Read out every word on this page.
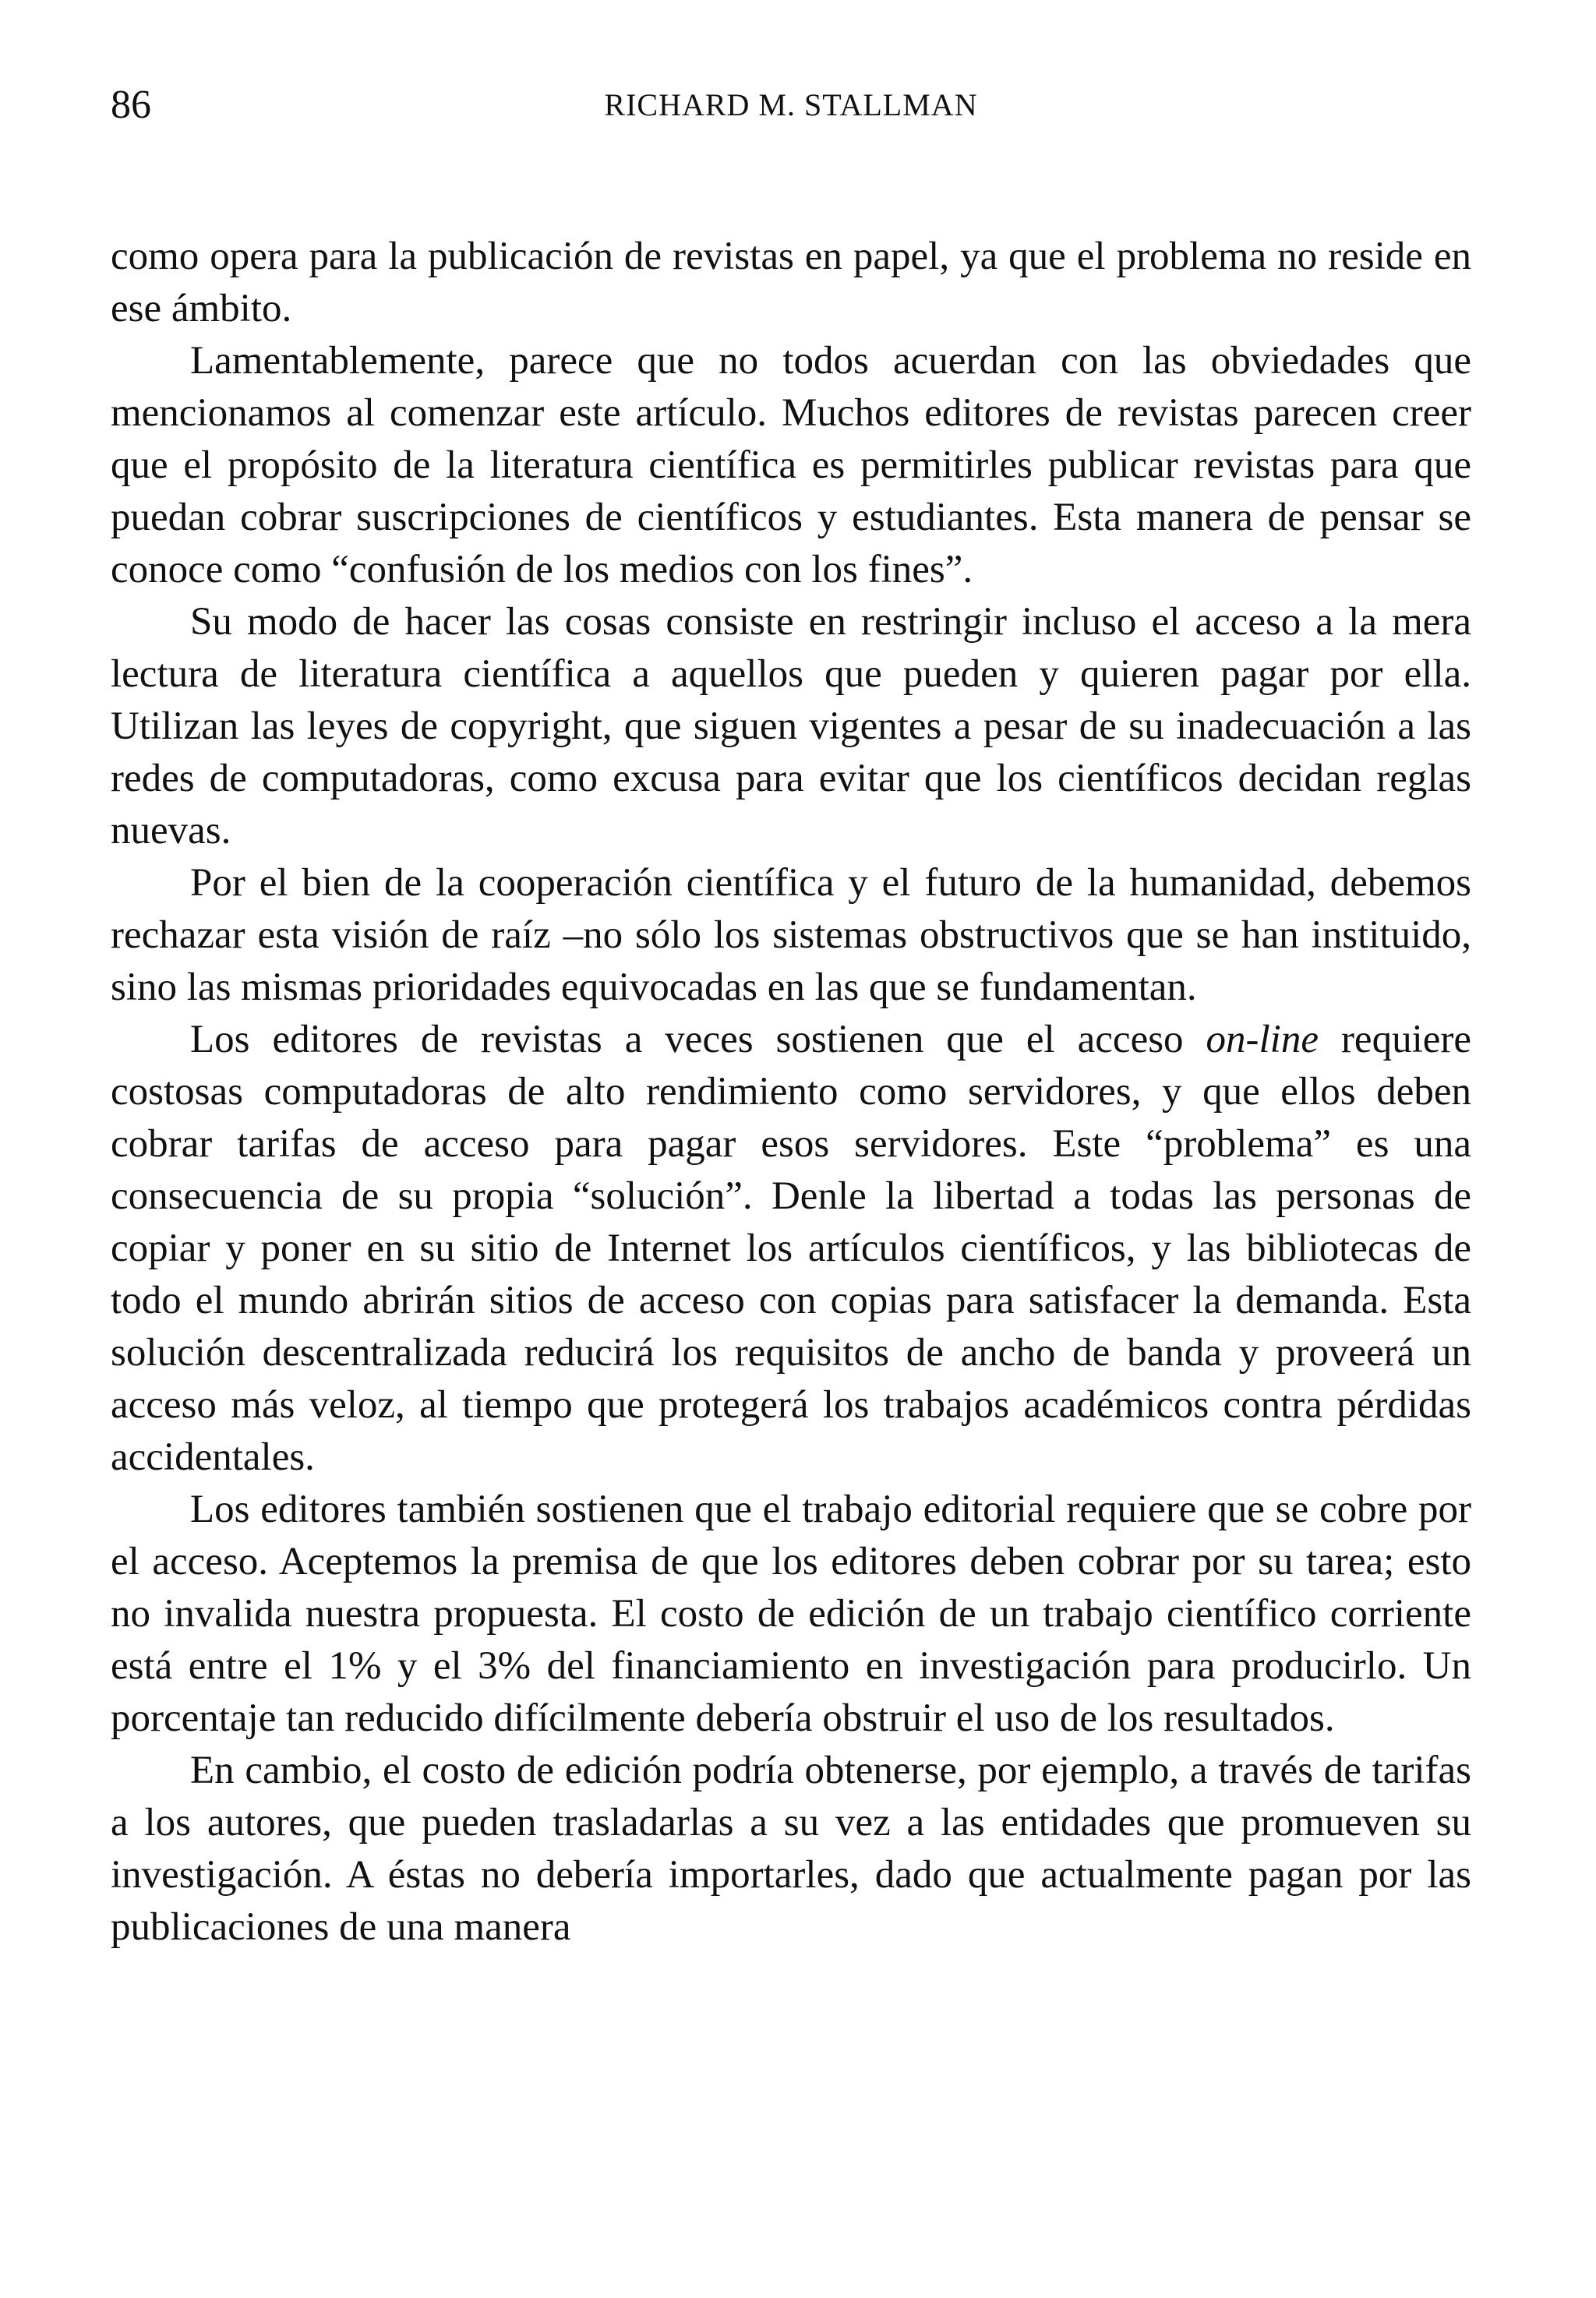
86	RICHARD M. STALLMAN

como opera para la publicación de revistas en papel, ya que el problema no reside en ese ámbito.

Lamentablemente, parece que no todos acuerdan con las obviedades que mencionamos al comenzar este artículo. Muchos editores de revistas parecen creer que el propósito de la literatura científica es permitirles publicar revistas para que puedan cobrar suscripciones de científicos y estudiantes. Esta manera de pensar se conoce como “confusión de los medios con los fines”.

Su modo de hacer las cosas consiste en restringir incluso el acceso a la mera lectura de literatura científica a aquellos que pueden y quieren pagar por ella. Utilizan las leyes de copyright, que siguen vigentes a pesar de su inadecuación a las redes de computadoras, como excusa para evitar que los científicos decidan reglas nuevas.

Por el bien de la cooperación científica y el futuro de la humanidad, debemos rechazar esta visión de raíz –no sólo los sistemas obstructivos que se han instituido, sino las mismas prioridades equivocadas en las que se fundamentan.

Los editores de revistas a veces sostienen que el acceso on-line requiere costosas computadoras de alto rendimiento como servidores, y que ellos deben cobrar tarifas de acceso para pagar esos servidores. Este “problema” es una consecuencia de su propia “solución”. Denle la libertad a todas las personas de copiar y poner en su sitio de Internet los artículos científicos, y las bibliotecas de todo el mundo abrirán sitios de acceso con copias para satisfacer la demanda. Esta solución descentralizada reducirá los requisitos de ancho de banda y proveerá un acceso más veloz, al tiempo que protegerá los trabajos académicos contra pérdidas accidentales.

Los editores también sostienen que el trabajo editorial requiere que se cobre por el acceso. Aceptemos la premisa de que los editores deben cobrar por su tarea; esto no invalida nuestra propuesta. El costo de edición de un trabajo científico corriente está entre el 1% y el 3% del financiamiento en investigación para producirlo. Un porcentaje tan reducido difícilmente debería obstruir el uso de los resultados.

En cambio, el costo de edición podría obtenerse, por ejemplo, a través de tarifas a los autores, que pueden trasladarlas a su vez a las entidades que promueven su investigación. A éstas no debería importarles, dado que actualmente pagan por las publicaciones de una manera
